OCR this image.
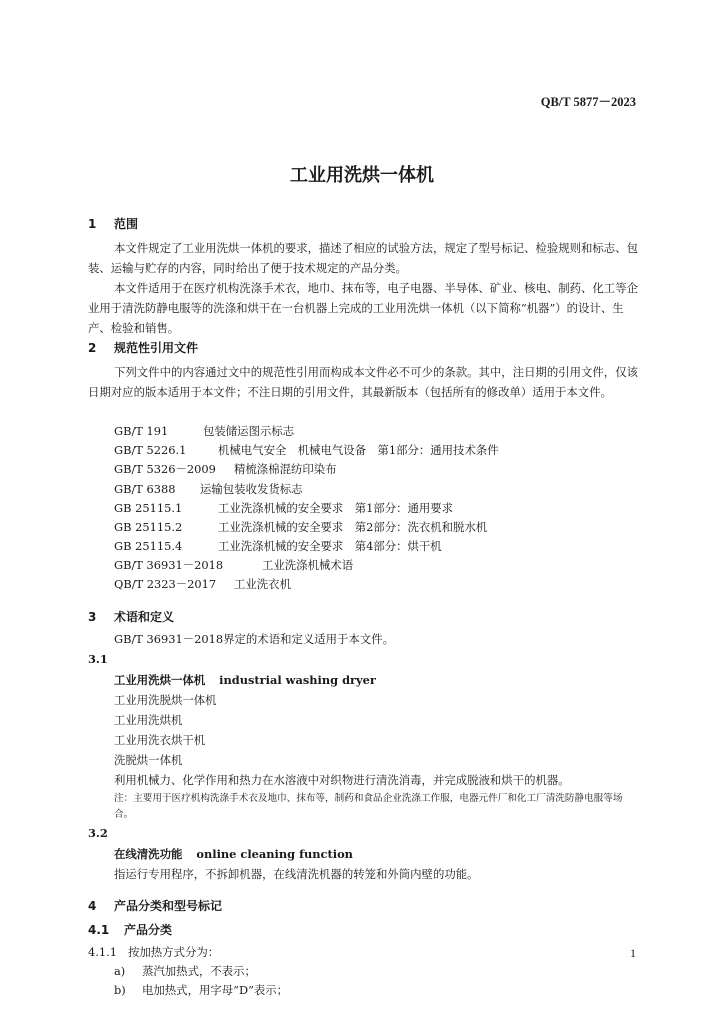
QB/T 5877－2023
工业用洗烘一体机
1 范围
本文件规定了工业用洗烘一体机的要求，描述了相应的试验方法，规定了型号标记、检验规则和标志、包装、运输与贮存的内容，同时给出了便于技术规定的产品分类。
本文件适用于在医疗机构洗涤手术衣，地巾、抹布等，电子电器、半导体、矿业、核电、制药、化工等企业用于清洗防静电服等的洗涤和烘干在一台机器上完成的工业用洗烘一体机（以下简称“机器”）的设计、生产、检验和销售。
2 规范性引用文件
下列文件中的内容通过文中的规范性引用而构成本文件必不可少的条款。其中，注日期的引用文件，仅该日期对应的版本适用于本文件；不注日期的引用文件，其最新版本（包括所有的修改单）适用于本文件。
GB/T 191	包装储运图示标志
GB/T 5226.1	机械电气安全　机械电气设备　第1部分：通用技术条件
GB/T 5326－2009 精梳涤棉混纺印染布
GB/T 6388 运输包装收发货标志
GB 25115.1	工业洗涤机械的安全要求　第1部分：通用要求
GB 25115.2	工业洗涤机械的安全要求　第2部分：洗衣机和脱水机
GB 25115.4	工业洗涤机械的安全要求　第4部分：烘干机
GB/T 36931－2018	工业洗涤机械术语
QB/T 2323－2017 工业洗衣机
3 术语和定义
GB/T 36931－2018界定的术语和定义适用于本文件。
3.1
工业用洗烘一体机 industrial washing dryer
工业用洗脱烘一体机
工业用洗烘机
工业用洗衣烘干机
洗脱烘一体机
利用机械力、化学作用和热力在水溶液中对织物进行清洗消毒，并完成脱液和烘干的机器。
注：主要用于医疗机构洗涤手术衣及地巾、抹布等，制药和食品企业洗涤工作服，电器元件厂和化工厂清洗防静电服等场合。
3.2
在线清洗功能 online cleaning function
指运行专用程序，不拆卸机器，在线清洗机器的转笼和外筒内壁的功能。
4 产品分类和型号标记
4.1 产品分类
4.1.1 按加热方式分为：
a) 蒸汽加热式，不表示；
b) 电加热式，用字母“D”表示；
1
